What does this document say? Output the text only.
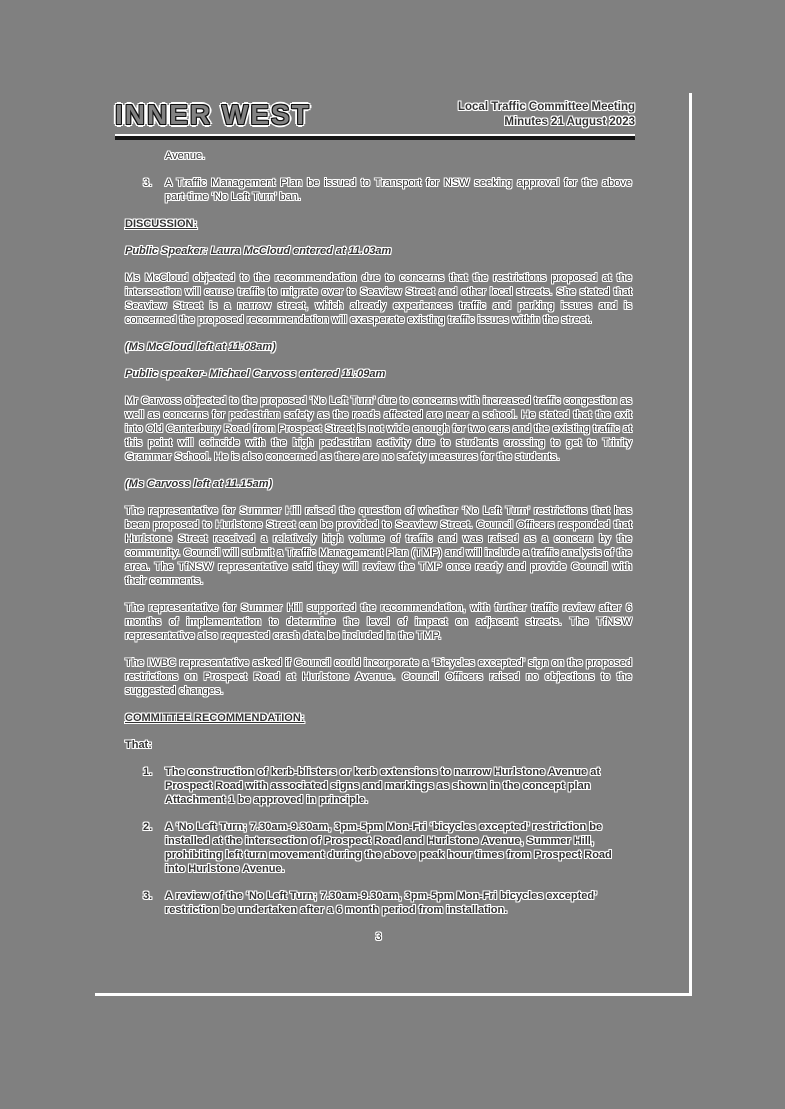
INNER WEST	Local Traffic Committee Meeting
Minutes 21 August 2023
Avenue.
3.	A Traffic Management Plan be issued to Transport for NSW seeking approval for the above part-time ‘No Left Turn’ ban.
DISCUSSION:
Public Speaker: Laura McCloud entered at 11.03am
Ms McCloud objected to the recommendation due to concerns that the restrictions proposed at the intersection will cause traffic to migrate over to Seaview Street and other local streets. She stated that Seaview Street is a narrow street, which already experiences traffic and parking issues and is concerned the proposed recommendation will exasperate existing traffic issues within the street.
(Ms McCloud left at 11:08am)
Public speaker- Michael Carvoss entered 11:09am
Mr Carvoss objected to the proposed ‘No Left Turn’ due to concerns with increased traffic congestion as well as concerns for pedestrian safety as the roads affected are near a school. He stated that the exit into Old Canterbury Road from Prospect Street is not wide enough for two cars and the existing traffic at this point will coincide with the high pedestrian activity due to students crossing to get to Trinity Grammar School. He is also concerned as there are no safety measures for the students.
(Ms Carvoss left at 11.15am)
The representative for Summer Hill raised the question of whether ‘No Left Turn’ restrictions that has been proposed to Hurlstone Street can be provided to Seaview Street. Council Officers responded that Hurlstone Street received a relatively high volume of traffic and was raised as a concern by the community. Council will submit a Traffic Management Plan (TMP) and will include a traffic analysis of the area. The TfNSW representative said they will review the TMP once ready and provide Council with their comments.
The representative for Summer Hill supported the recommendation, with further traffic review after 6 months of implementation to determine the level of impact on adjacent streets. The TfNSW representative also requested crash data be included in the TMP.
The IWBC representative asked if Council could incorporate a ‘Bicycles excepted’ sign on the proposed restrictions on Prospect Road at Hurlstone Avenue. Council Officers raised no objections to the suggested changes.
COMMITTEE RECOMMENDATION:
That:
1.	The construction of kerb-blisters or kerb extensions to narrow Hurlstone Avenue at Prospect Road with associated signs and markings as shown in the concept plan Attachment 1 be approved in principle.
2.	A ‘No Left Turn; 7.30am-9.30am, 3pm-5pm Mon-Fri ‘bicycles excepted’ restriction be installed at the intersection of Prospect Road and Hurlstone Avenue, Summer Hill, prohibiting left turn movement during the above peak hour times from Prospect Road into Hurlstone Avenue.
3.	A review of the ‘No Left Turn; 7.30am-9.30am, 3pm-5pm Mon-Fri bicycles excepted’ restriction be undertaken after a 6 month period from installation.
3
